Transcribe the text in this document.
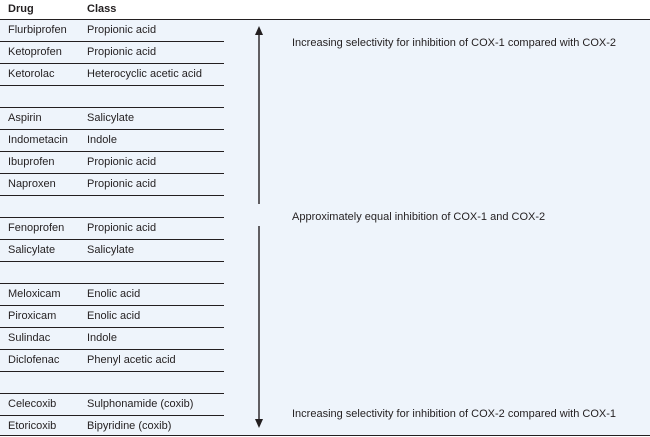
Drug	Class
Flurbiprofen Propionic acid
Ketoprofen Propionic acid
Ketorolac	Heterocyclic acetic acid
Aspirin	Salicylate
Indometacin Indole
Ibuprofen	Propionic acid
Naproxen	Propionic acid
Fenoprofen Propionic acid
Salicylate	Salicylate
Meloxicam Enolic acid
Piroxicam	Enolic acid
Sulindac	Indole
Diclofenac	Phenyl acetic acid
Celecoxib	Sulphonamide (coxib)
Etoricoxib	Bipyridine (coxib)
Increasing selectivity for inhibition of COX-1 compared with COX-2
Approximately equal inhibition of COX-1 and COX-2
Increasing selectivity for inhibition of COX-2 compared with COX-1
